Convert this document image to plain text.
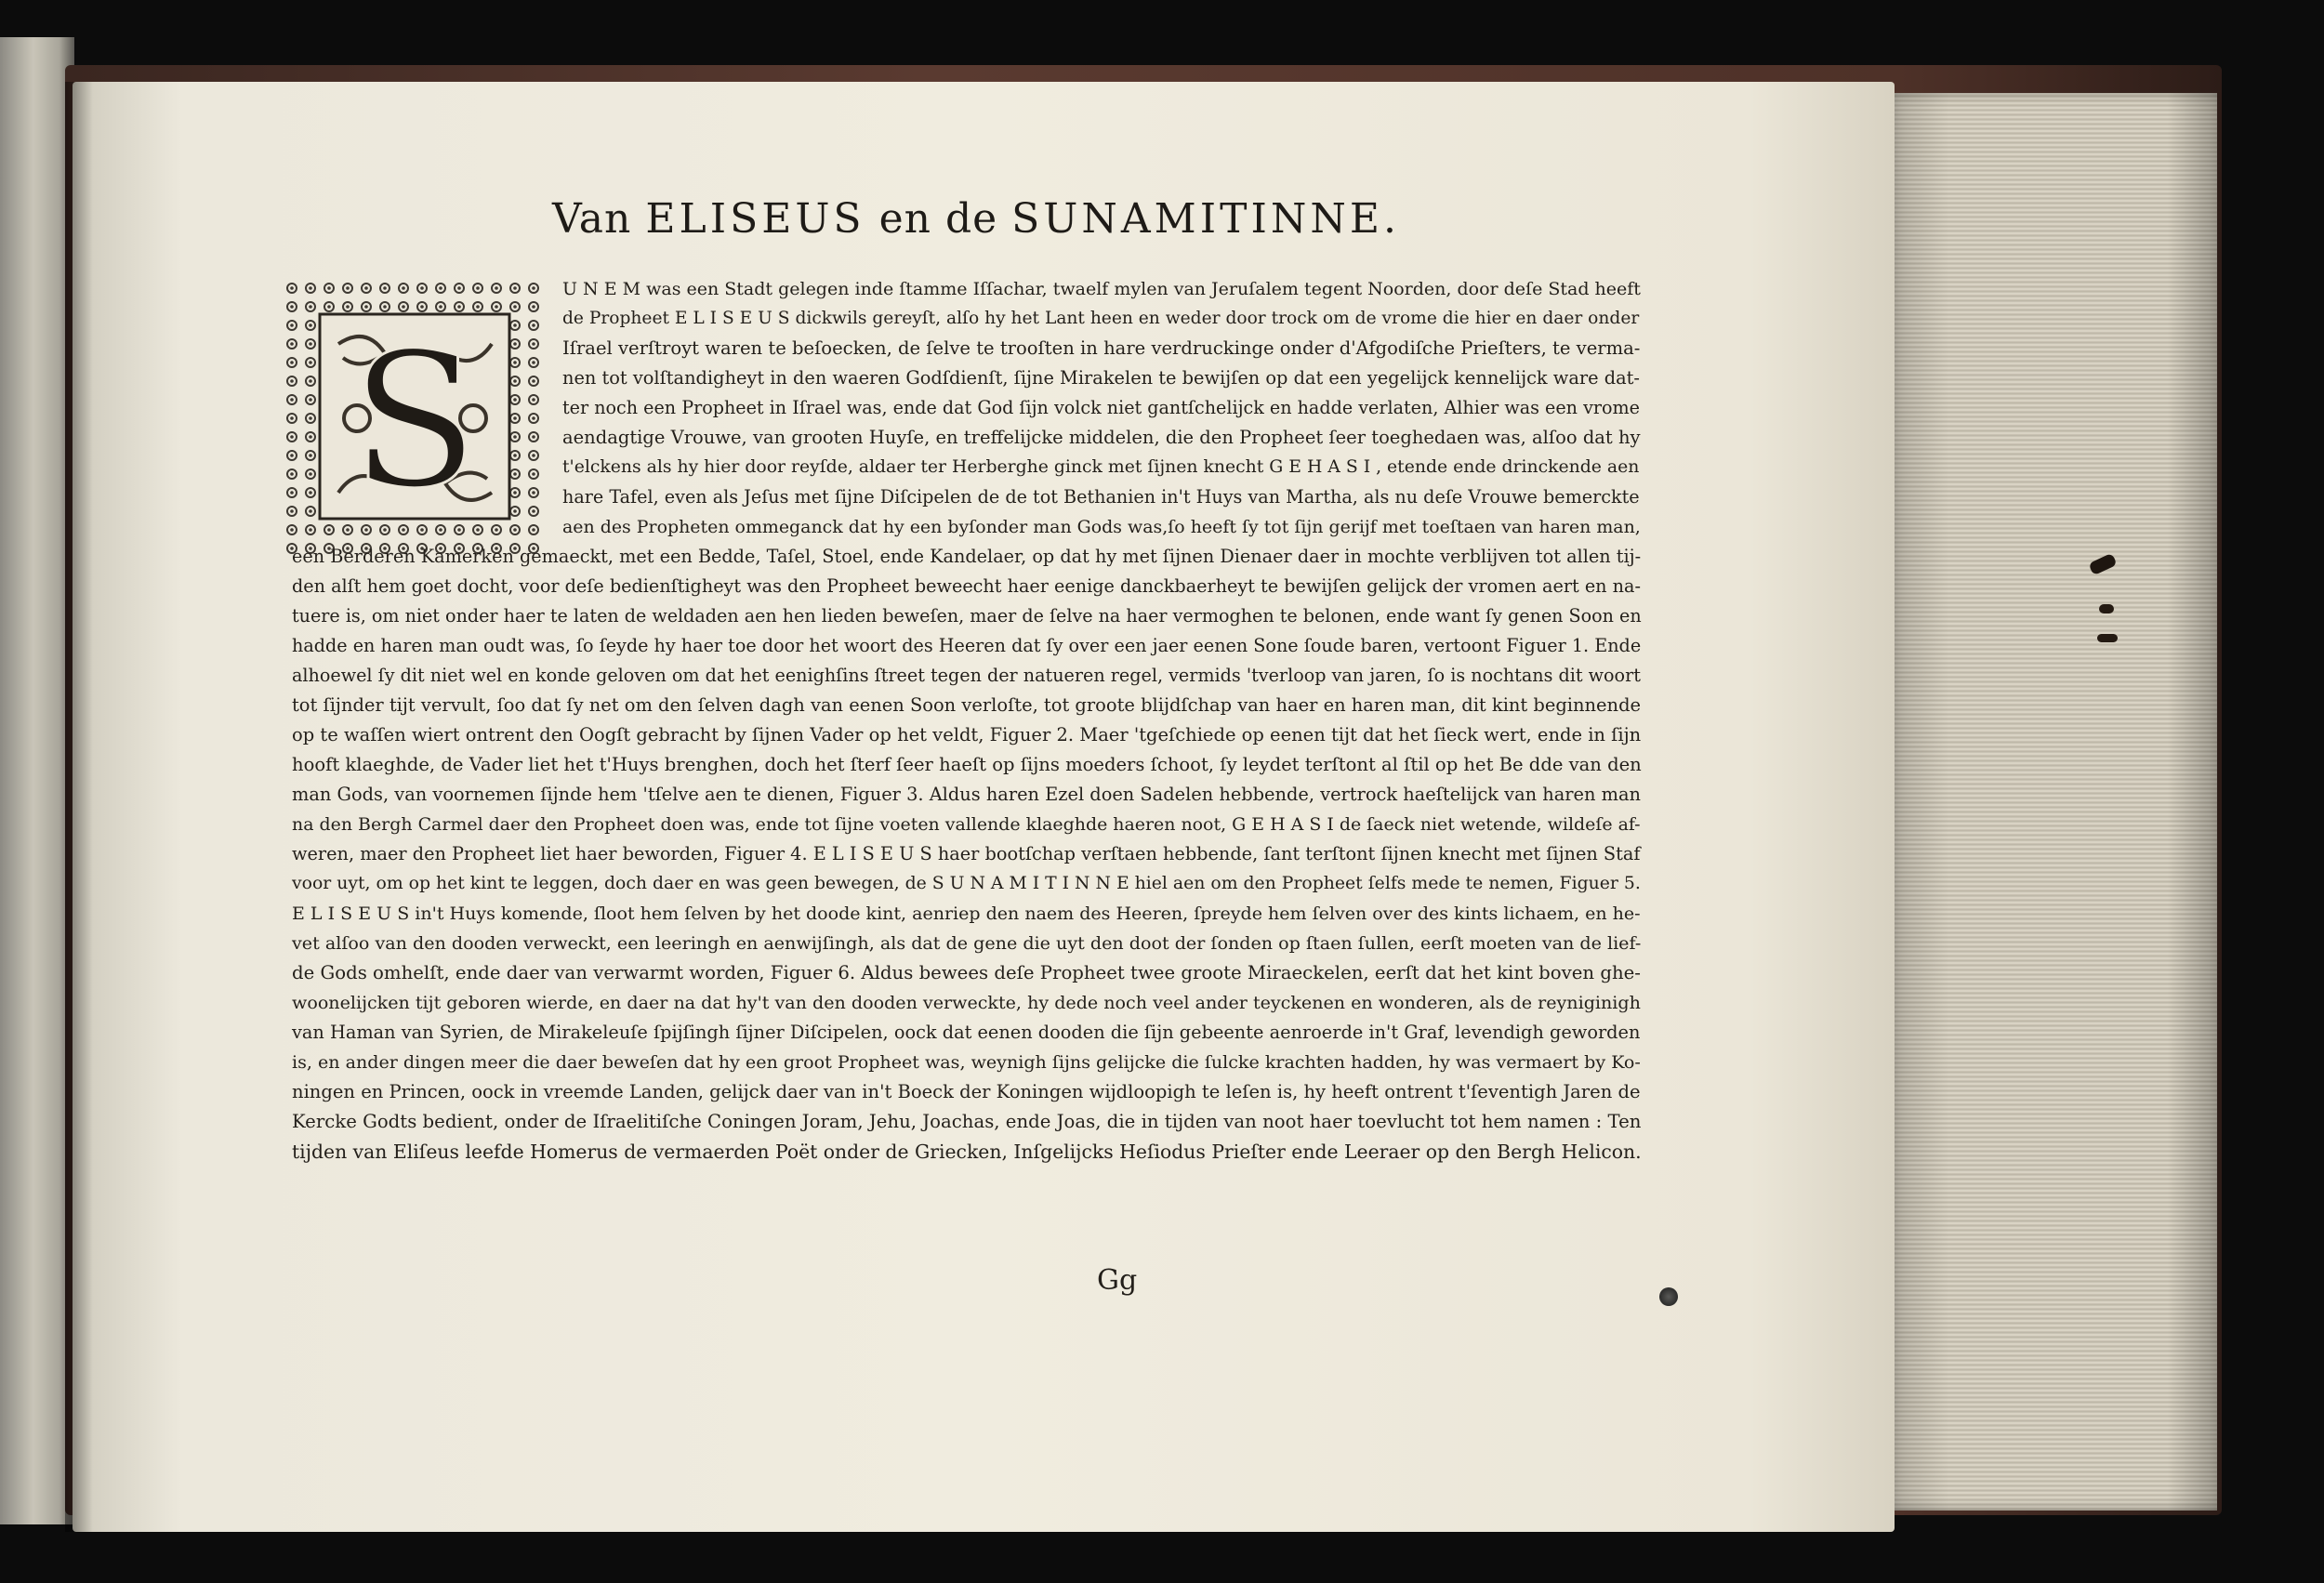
Van ELISEUS en de SUNAMITINNE.
S
U N E M was een Stadt gelegen inde ſtamme Iſſachar, twaelf mylen van Jeruſalem tegent Noorden, door deſe Stad heeft
de Propheet E L I S E U S dickwils gereyſt, alſo hy het Lant heen en weder door trock om de vrome die hier en daer onder
Iſrael verſtroyt waren te beſoecken, de ſelve te trooſten in hare verdruckinge onder d'Afgodiſche Prieſters, te verma-
nen tot volſtandigheyt in den waeren Godſdienſt, ſijne Mirakelen te bewijſen op dat een yegelijck kennelijck ware dat-
ter noch een Propheet in Iſrael was, ende dat God ſijn volck niet gantſchelijck en hadde verlaten, Alhier was een vrome
aendagtige Vrouwe, van grooten Huyſe, en treffelijcke middelen, die den Propheet ſeer toeghedaen was, alſoo dat hy
t'elckens als hy hier door reyſde, aldaer ter Herberghe ginck met ſijnen knecht G E H A S I , etende ende drinckende aen
hare Tafel, even als Jeſus met ſijne Diſcipelen de de tot Bethanien in't Huys van Martha, als nu deſe Vrouwe bemerckte
aen des Propheten ommeganck dat hy een byſonder man Gods was,ſo heeft ſy tot ſijn gerijf met toeſtaen van haren man,
een Berderen Kamerken gemaeckt, met een Bedde, Taſel, Stoel, ende Kandelaer, op dat hy met ſijnen Dienaer daer in mochte verblijven tot allen tij-
den alſt hem goet docht, voor deſe bedienſtigheyt was den Propheet beweecht haer eenige danckbaerheyt te bewijſen gelijck der vromen aert en na-
tuere is, om niet onder haer te laten de weldaden aen hen lieden beweſen, maer de ſelve na haer vermoghen te belonen, ende want ſy genen Soon en
hadde en haren man oudt was, ſo ſeyde hy haer toe door het woort des Heeren dat ſy over een jaer eenen Sone ſoude baren, vertoont Figuer 1. Ende
alhoewel ſy dit niet wel en konde geloven om dat het eenighſins ſtreet tegen der natueren regel, vermids 'tverloop van jaren, ſo is nochtans dit woort
tot ſijnder tijt vervult, ſoo dat ſy net om den ſelven dagh van eenen Soon verloſte, tot groote blijdſchap van haer en haren man, dit kint beginnende
op te waſſen wiert ontrent den Oogſt gebracht by ſijnen Vader op het veldt, Figuer 2. Maer 'tgeſchiede op eenen tijt dat het ſieck wert, ende in ſijn
hooft klaeghde, de Vader liet het t'Huys brenghen, doch het ſterf ſeer haeſt op ſijns moeders ſchoot, ſy leydet terſtont al ſtil op het Be dde van den
man Gods, van voornemen ſijnde hem 'tſelve aen te dienen, Figuer 3. Aldus haren Ezel doen Sadelen hebbende, vertrock haeſtelijck van haren man
na den Bergh Carmel daer den Propheet doen was, ende tot ſijne voeten vallende klaeghde haeren noot, G E H A S I de ſaeck niet wetende, wildeſe af-
weren, maer den Propheet liet haer beworden, Figuer 4. E L I S E U S haer bootſchap verſtaen hebbende, ſant terſtont ſijnen knecht met ſijnen Staf
voor uyt, om op het kint te leggen, doch daer en was geen bewegen, de S U N A M I T I N N E hiel aen om den Propheet ſelfs mede te nemen, Figuer 5.
E L I S E U S in't Huys komende, ſloot hem ſelven by het doode kint, aenriep den naem des Heeren, ſpreyde hem ſelven over des kints lichaem, en he-
vet alſoo van den dooden verweckt, een leeringh en aenwijſingh, als dat de gene die uyt den doot der ſonden op ſtaen ſullen, eerſt moeten van de lief-
de Gods omhelſt, ende daer van verwarmt worden, Figuer 6. Aldus bewees deſe Propheet twee groote Miraeckelen, eerſt dat het kint boven ghe-
woonelijcken tijt geboren wierde, en daer na dat hy't van den dooden verweckte, hy dede noch veel ander teyckenen en wonderen, als de reyniginigh
van Haman van Syrien, de Mirakeleuſe ſpijſingh ſijner Diſcipelen, oock dat eenen dooden die ſijn gebeente aenroerde in't Graf, levendigh geworden
is, en ander dingen meer die daer beweſen dat hy een groot Propheet was, weynigh ſijns gelijcke die ſulcke krachten hadden, hy was vermaert by Ko-
ningen en Princen, oock in vreemde Landen, gelijck daer van in't Boeck der Koningen wijdloopigh te leſen is, hy heeft ontrent t'ſeventigh Jaren de
Kercke Godts bedient, onder de Iſraelitiſche Coningen Joram, Jehu, Joachas, ende Joas, die in tijden van noot haer toevlucht tot hem namen : Ten
tijden van Eliſeus leefde Homerus de vermaerden Poët onder de Griecken, Inſgelijcks Heſiodus Prieſter ende Leeraer op den Bergh Helicon.
Gg
